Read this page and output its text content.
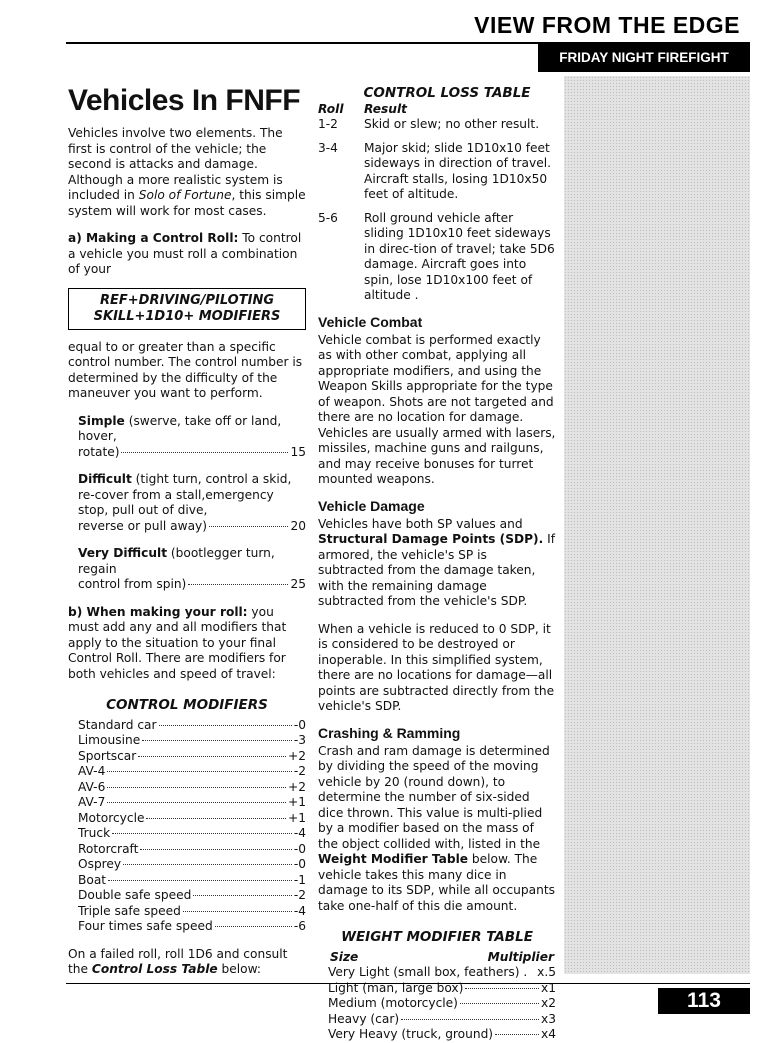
VIEW FROM THE EDGE
FRIDAY NIGHT FIREFIGHT
Vehicles In FNFF

Vehicles involve two elements. The first is control of the vehicle; the second is attacks and damage. Although a more realistic system is included in Solo of Fortune, this simple system will work for most cases.

a) Making a Control Roll: To control a vehicle you must roll a combination of your

REF+DRIVING/PILOTING
SKILL+1D10+ MODIFIERS

equal to or greater than a specific control number. The control number is determined by the difficulty of the maneuver you want to perform.

Simple (swerve, take off or land, hover,
rotate)	15
Difficult (tight turn, control a skid, re-cover from a stall,emergency stop, pull out of dive,
reverse or pull away)	20
Very Difficult (bootlegger turn, regain
control from spin)	25

b) When making your roll: you must add any and all modifiers that apply to the situation to your final Control Roll. There are modifiers for both vehicles and speed of travel:

CONTROL MODIFIERS
Standard car	-0
Limousine	-3
Sportscar	+2
AV-4	-2
AV-6	+2
AV-7	+1
Motorcycle	+1
Truck	-4
Rotorcraft	-0
Osprey	-0
Boat	-1
Double safe speed	-2
Triple safe speed	-4
Four times safe speed	-6

On a failed roll, roll 1D6 and consult the Control Loss Table below:

CONTROL LOSS TABLE
Roll	Result
1-2	Skid or slew; no other result.
3-4	Major skid; slide 1D10x10 feet sideways in direction of travel. Aircraft stalls, losing 1D10x50 feet of altitude.
5-6	Roll ground vehicle after sliding 1D10x10 feet sideways in direc-tion of travel; take 5D6 damage. Aircraft goes into spin, lose 1D10x100 feet of altitude .
Vehicle Combat

Vehicle combat is performed exactly as with other combat, applying all appropriate modifiers, and using the Weapon Skills appropriate for the type of weapon. Shots are not targeted and there are no location for damage. Vehicles are usually armed with lasers, missiles, machine guns and railguns, and may receive bonuses for turret mounted weapons.

Vehicle Damage

Vehicles have both SP values and Structural Damage Points (SDP). If armored, the vehicle's SP is subtracted from the damage taken, with the remaining damage subtracted from the vehicle's SDP.

When a vehicle is reduced to 0 SDP, it is considered to be destroyed or inoperable. In this simplified system, there are no locations for damage—all points are subtracted directly from the vehicle's SDP.

Crashing & Ramming

Crash and ram damage is determined by dividing the speed of the moving vehicle by 20 (round down), to determine the number of six-sided dice thrown. This value is multi-plied by a modifier based on the mass of the object collided with, listed in the Weight Modifier Table below. The vehicle takes this many dice in damage to its SDP, while all occupants take one-half of this die amount.

WEIGHT MODIFIER TABLE
Size	Multiplier
Very Light (small box, feathers) . x.5
Light (man, large box)	x1
Medium (motorcycle)	x2
Heavy (car)	x3
Very Heavy (truck, ground)	x4
113
